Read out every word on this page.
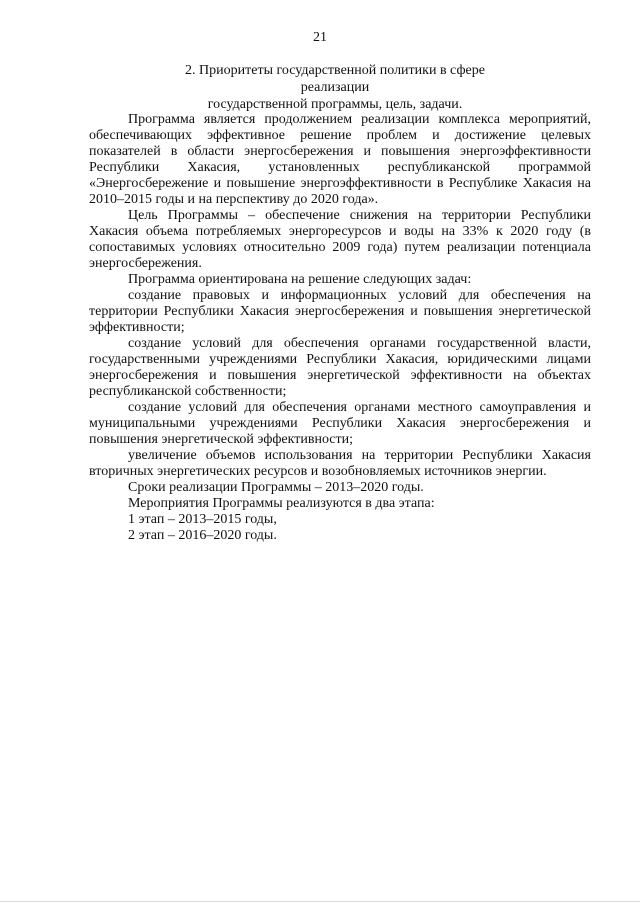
21
2. Приоритеты государственной политики в сфере реализации
государственной программы, цель, задачи.

Программа является продолжением реализации комплекса мероприятий, обеспечивающих эффективное решение проблем и достижение целевых показателей в области энергосбережения и повышения энергоэффективности Республики Хакасия, установленных республиканской программой «Энергосбережение и повышение энергоэффективности в Республике Хакасия на 2010–2015 годы и на перспективу до 2020 года».

Цель Программы – обеспечение снижения на территории Республики Хакасия объема потребляемых энергоресурсов и воды на 33% к 2020 году (в сопоставимых условиях относительно 2009 года) путем реализации потенциала энергосбережения.

Программа ориентирована на решение следующих задач:

создание правовых и информационных условий для обеспечения на территории Республики Хакасия энергосбережения и повышения энергетической эффективности;

создание условий для обеспечения органами государственной власти, государственными учреждениями Республики Хакасия, юридическими лицами энергосбережения и повышения энергетической эффективности на объектах республиканской собственности;

создание условий для обеспечения органами местного самоуправления и муниципальными учреждениями Республики Хакасия энергосбережения и повышения энергетической эффективности;

увеличение объемов использования на территории Республики Хакасия вторичных энергетических ресурсов и возобновляемых источников энергии.

Сроки реализации Программы – 2013–2020 годы.

Мероприятия Программы реализуются в два этапа:

1 этап – 2013–2015 годы,

2 этап – 2016–2020 годы.
